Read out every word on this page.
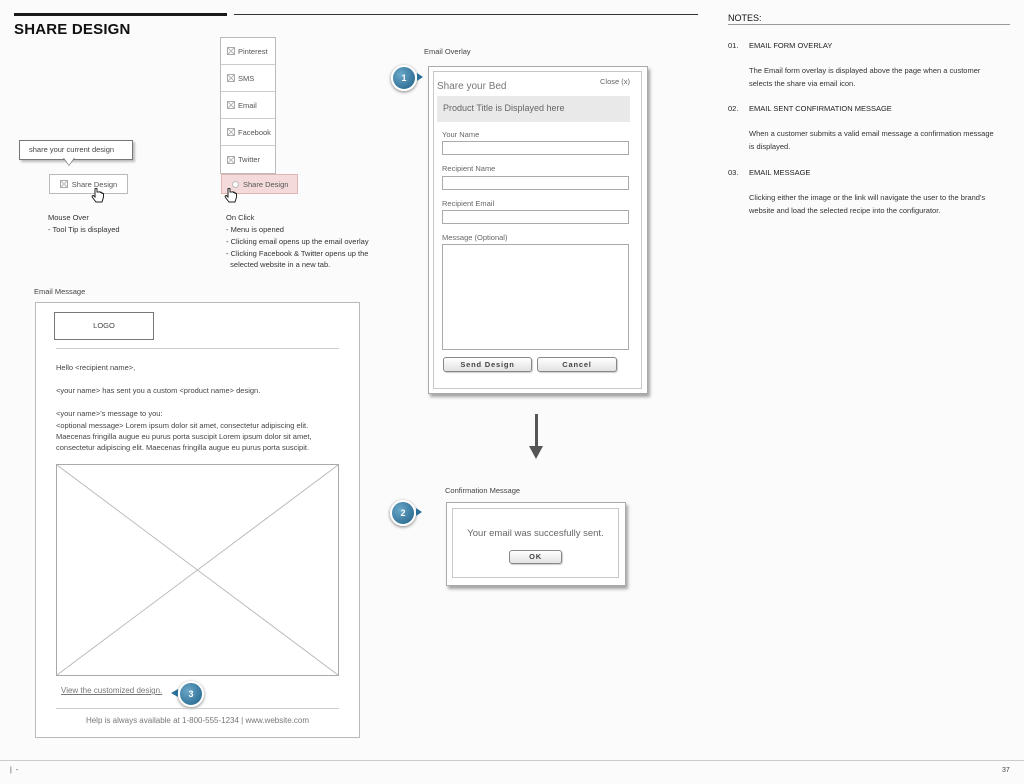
SHARE DESIGN
NOTES:
01. EMAIL FORM OVERLAY
The Email form overlay is displayed above the page when a customer selects the share via email icon.
02. EMAIL SENT CONFIRMATION MESSAGE
When a customer submits a valid email message a confirmation message is displayed.
03. EMAIL MESSAGE
Clicking either the image or the link will navigate the user to the brand's website and load the selected recipe into the configurator.
share your current design
Share Design
Mouse Over
- Tool Tip is displayed
Pinterest
SMS
Email
Facebook
Twitter
Share Design
On Click
- Menu is opened
- Clicking email opens up the email overlay
- Clicking Facebook & Twitter opens up the
selected website in a new tab.
Email Overlay
1
Share your Bed	Close (x)
Product Title is Displayed here
Your Name
Recipient Name
Recipient Email
Message (Optional)
Send Design	Cancel
Confirmation Message
2
Your email was succesfully sent.
OK
Email Message
LOGO
Hello <recipient name>,
<your name> has sent you a custom <product name> design.
<your name>'s message to you:
<optional message> Lorem ipsum dolor sit amet, consectetur adipiscing elit.
Maecenas fringilla augue eu purus porta suscipit Lorem ipsum dolor sit amet,
consectetur adipiscing elit. Maecenas fringilla augue eu purus porta suscipit.
View the customized design.	3
Help is always available at 1-800-555-1234 | www.website.com
|  -	37
